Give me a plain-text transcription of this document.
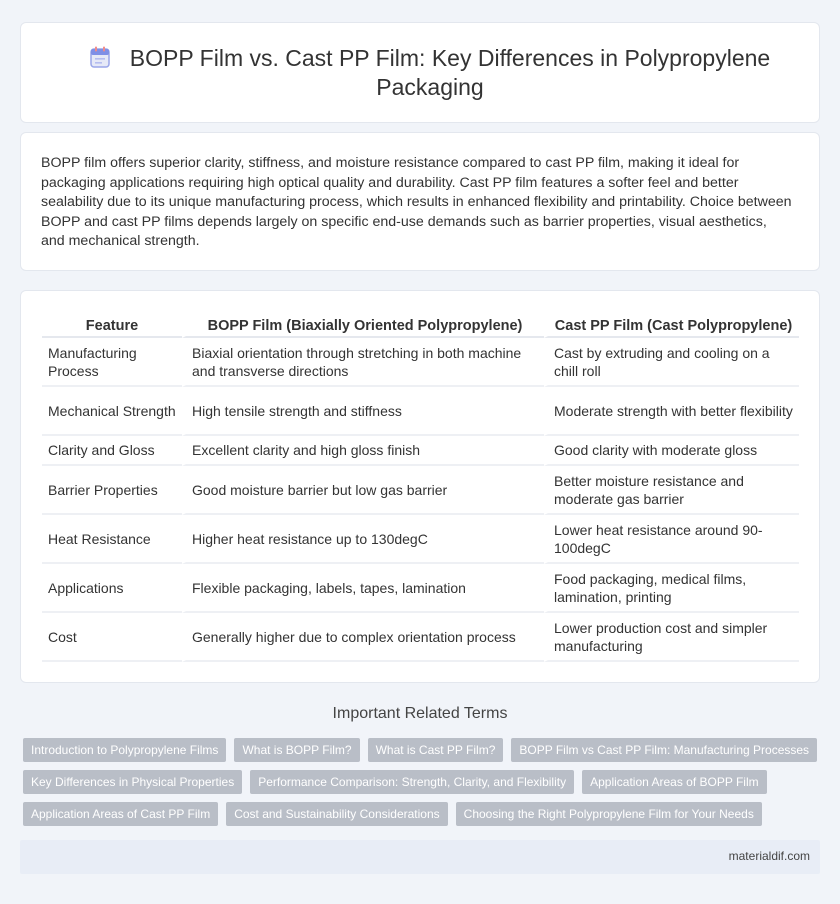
BOPP Film vs. Cast PP Film: Key Differences in Polypropylene Packaging

BOPP film offers superior clarity, stiffness, and moisture resistance compared to cast PP film, making it ideal for packaging applications requiring high optical quality and durability. Cast PP film features a softer feel and better sealability due to its unique manufacturing process, which results in enhanced flexibility and printability. Choice between BOPP and cast PP films depends largely on specific end-use demands such as barrier properties, visual aesthetics, and mechanical strength.

Feature	BOPP Film (Biaxially Oriented Polypropylene)	Cast PP Film (Cast Polypropylene)
Manufacturing Process	Biaxial orientation through stretching in both machine and transverse directions	Cast by extruding and cooling on a chill roll
Mechanical Strength	High tensile strength and stiffness	Moderate strength with better flexibility
Clarity and Gloss	Excellent clarity and high gloss finish	Good clarity with moderate gloss
Barrier Properties	Good moisture barrier but low gas barrier	Better moisture resistance and moderate gas barrier
Heat Resistance	Higher heat resistance up to 130degC	Lower heat resistance around 90-100degC
Applications	Flexible packaging, labels, tapes, lamination	Food packaging, medical films, lamination, printing
Cost	Generally higher due to complex orientation process	Lower production cost and simpler manufacturing
Important Related Terms
Introduction to Polypropylene Films	What is BOPP Film?	What is Cast PP Film?	BOPP Film vs Cast PP Film: Manufacturing Processes
Key Differences in Physical Properties	Performance Comparison: Strength, Clarity, and Flexibility	Application Areas of BOPP Film
Application Areas of Cast PP Film	Cost and Sustainability Considerations	Choosing the Right Polypropylene Film for Your Needs
materialdif.com
